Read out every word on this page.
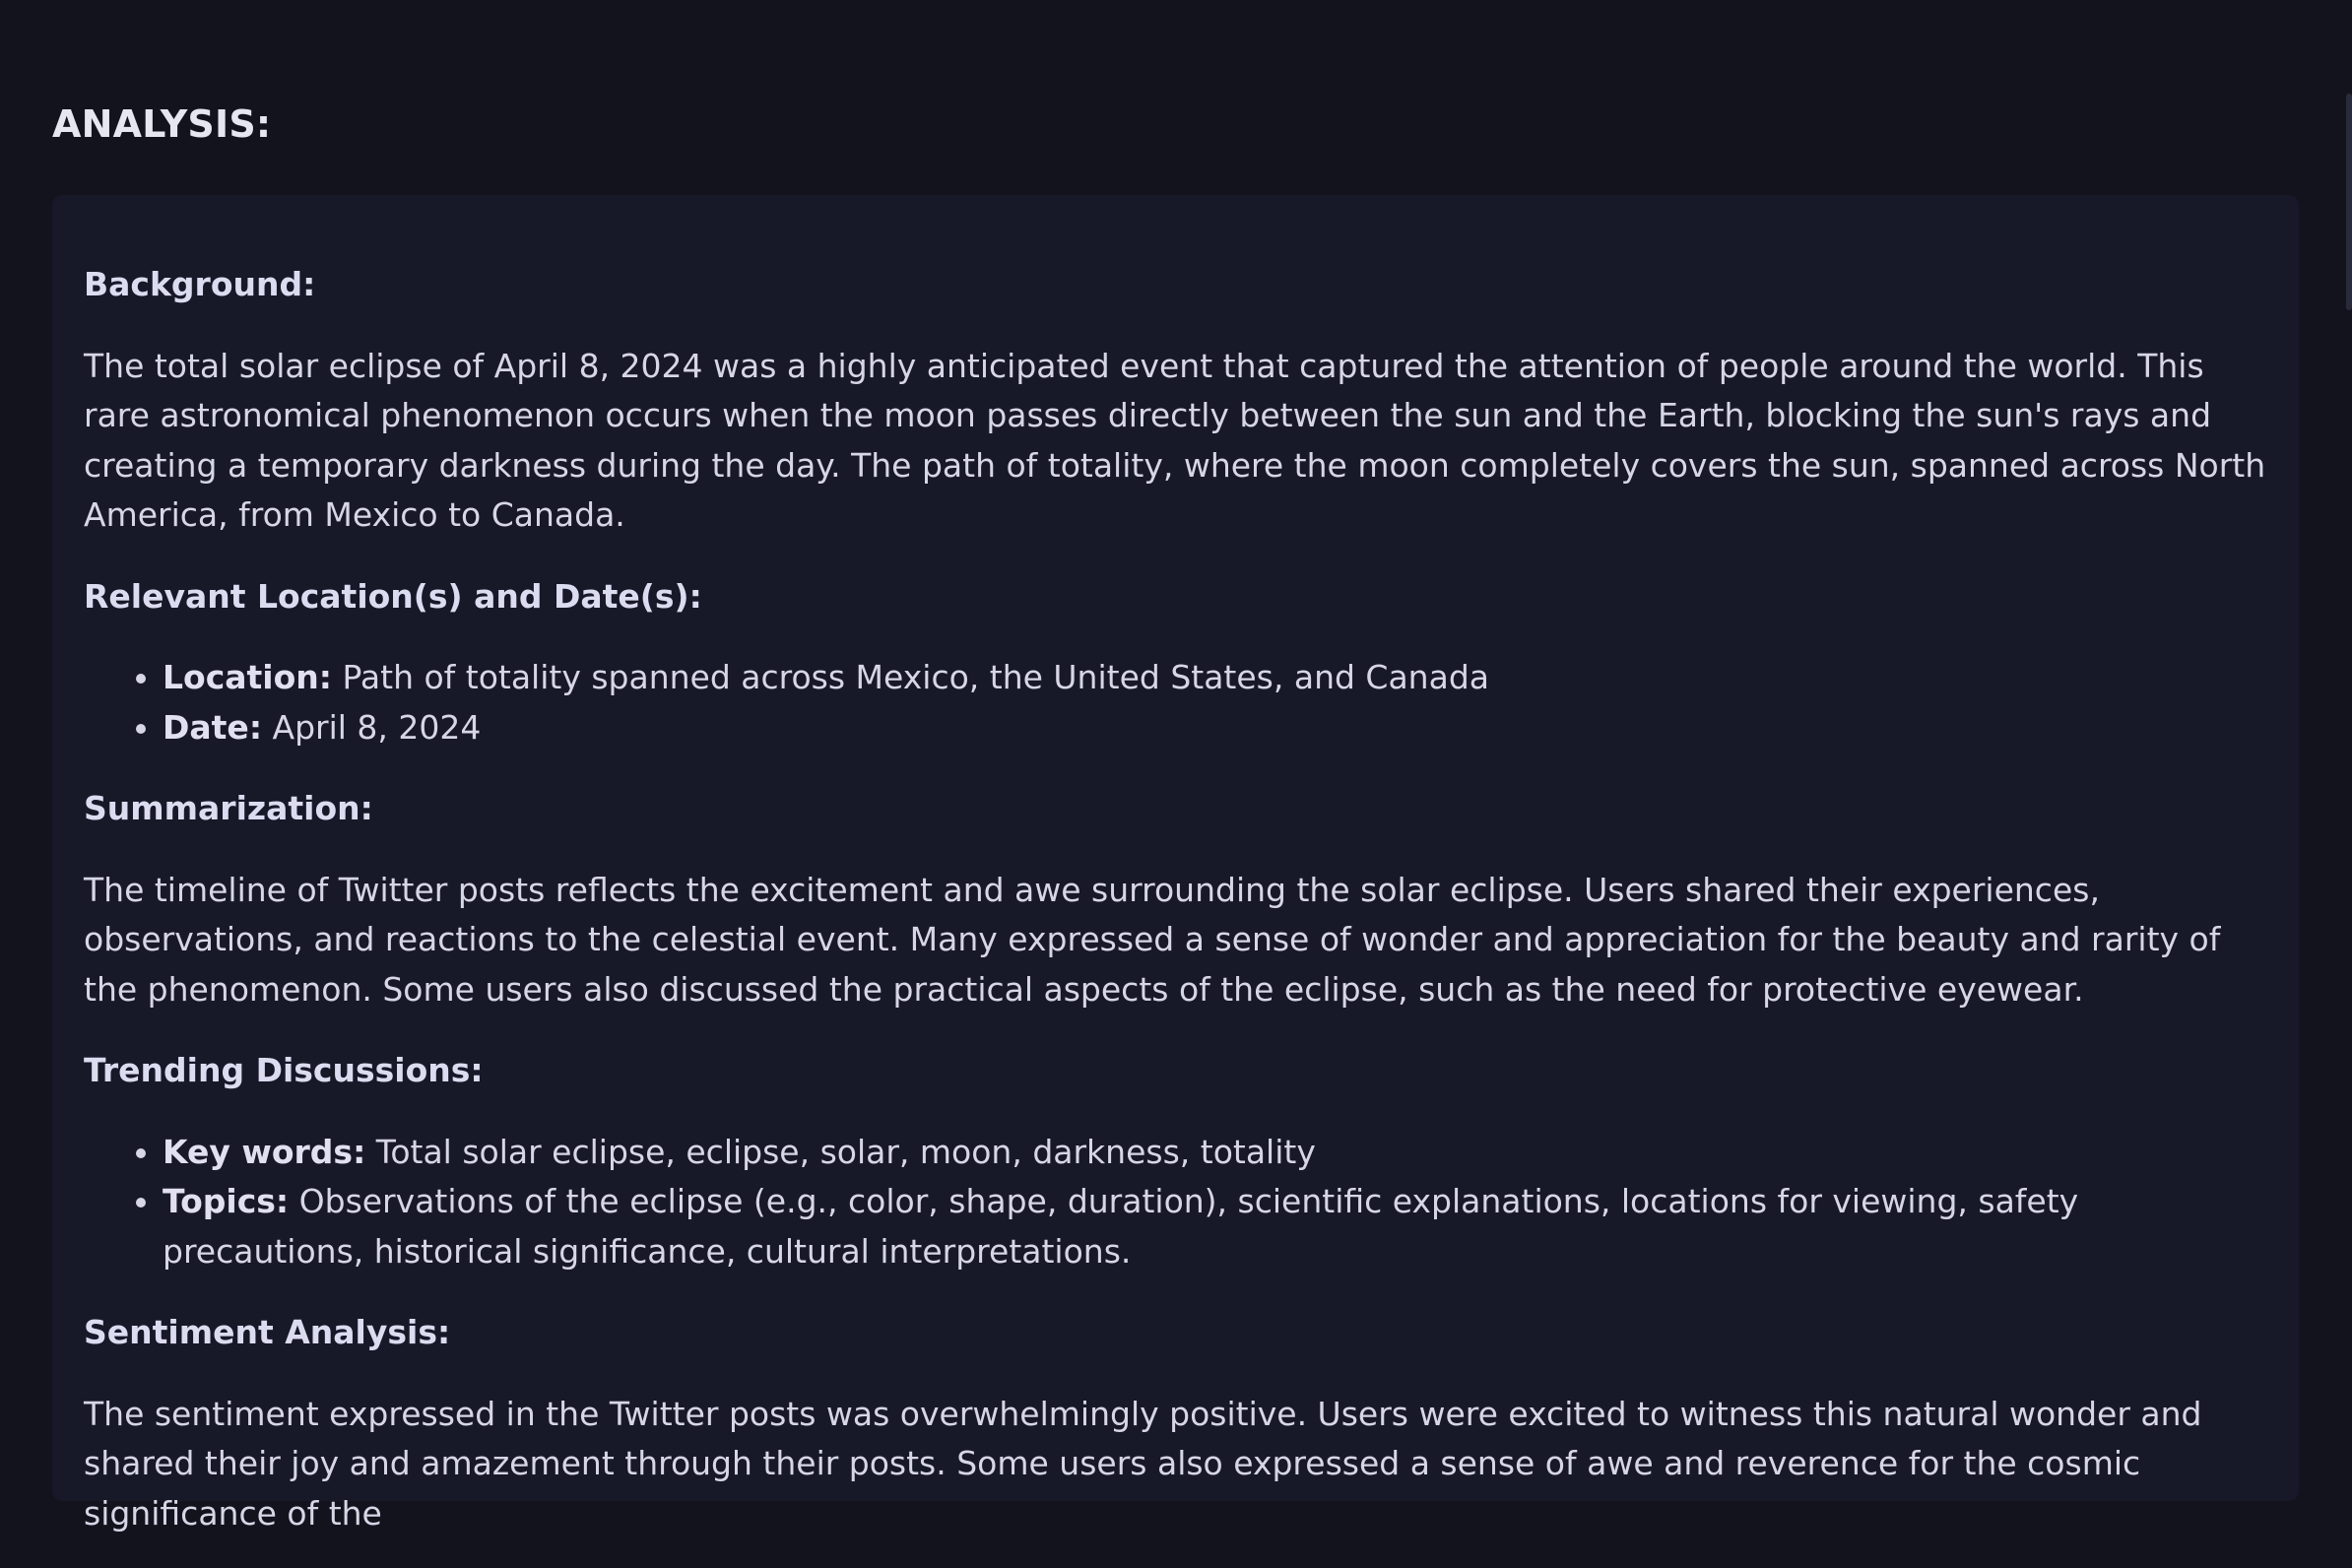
ANALYSIS:

Background:

The total solar eclipse of April 8, 2024 was a highly anticipated event that captured the attention of people around the world. This rare astronomical phenomenon occurs when the moon passes directly between the sun and the Earth, blocking the sun's rays and creating a temporary darkness during the day. The path of totality, where the moon completely covers the sun, spanned across North America, from Mexico to Canada.

Relevant Location(s) and Date(s):

• Location: Path of totality spanned across Mexico, the United States, and Canada
• Date: April 8, 2024

Summarization:

The timeline of Twitter posts reflects the excitement and awe surrounding the solar eclipse. Users shared their experiences, observations, and reactions to the celestial event. Many expressed a sense of wonder and appreciation for the beauty and rarity of the phenomenon. Some users also discussed the practical aspects of the eclipse, such as the need for protective eyewear.

Trending Discussions:

• Key words: Total solar eclipse, eclipse, solar, moon, darkness, totality
• Topics: Observations of the eclipse (e.g., color, shape, duration), scientific explanations, locations for viewing, safety precautions, historical significance, cultural interpretations.

Sentiment Analysis:

The sentiment expressed in the Twitter posts was overwhelmingly positive. Users were excited to witness this natural wonder and shared their joy and amazement through their posts. Some users also expressed a sense of awe and reverence for the cosmic significance of the
